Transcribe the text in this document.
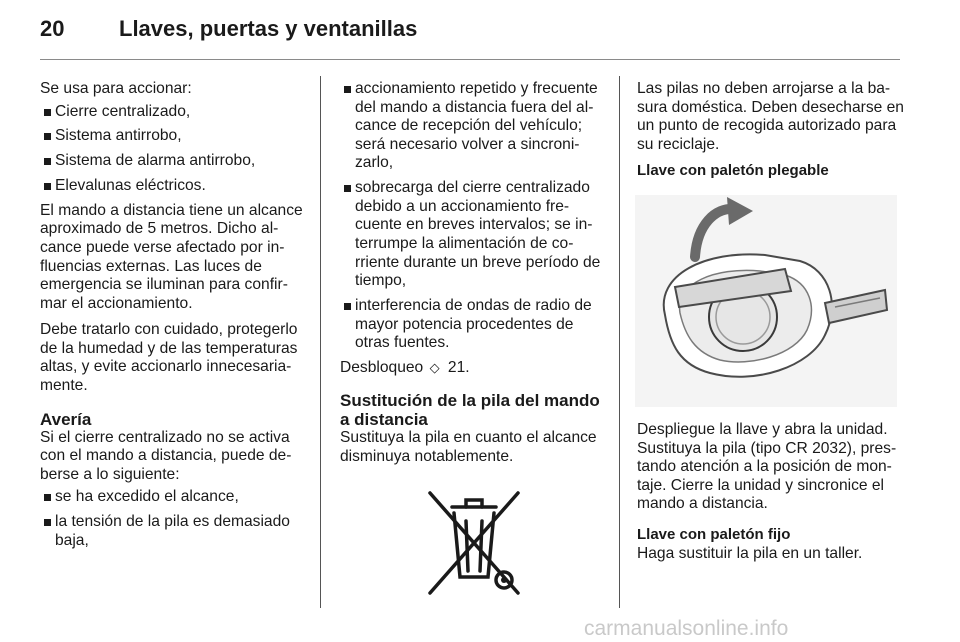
20 Llaves, puertas y ventanillas

Se usa para accionar:

Cierre centralizado,
Sistema antirrobo,
Sistema de alarma antirrobo,
Elevalunas eléctricos.

El mando a distancia tiene un alcance aproximado de 5 metros. Dicho al-cance puede verse afectado por in-fluencias externas. Las luces de emergencia se iluminan para confir-mar el accionamiento.

Debe tratarlo con cuidado, protegerlo de la humedad y de las temperaturas altas, y evite accionarlo innecesaria-mente.

Avería

Si el cierre centralizado no se activa con el mando a distancia, puede de-berse a lo siguiente:

se ha excedido el alcance,
la tensión de la pila es demasiado baja,
accionamiento repetido y frecuente del mando a distancia fuera del al-cance de recepción del vehículo; será necesario volver a sincroni-zarlo,
sobrecarga del cierre centralizado debido a un accionamiento fre-cuente en breves intervalos; se in-terrumpe la alimentación de co-rriente durante un breve período de tiempo,
interferencia de ondas de radio de mayor potencia procedentes de otras fuentes.

Desbloqueo ◇ 21.

Sustitución de la pila del mando a distancia

Sustituya la pila en cuanto el alcance disminuya notablemente.

Las pilas no deben arrojarse a la ba-sura doméstica. Deben desecharse en un punto de recogida autorizado para su reciclaje.

Llave con paletón plegable

Despliegue la llave y abra la unidad. Sustituya la pila (tipo CR 2032), pres-tando atención a la posición de mon-taje. Cierre la unidad y sincronice el mando a distancia.

Llave con paletón fijo

Haga sustituir la pila en un taller.

carmanualsonline.info
